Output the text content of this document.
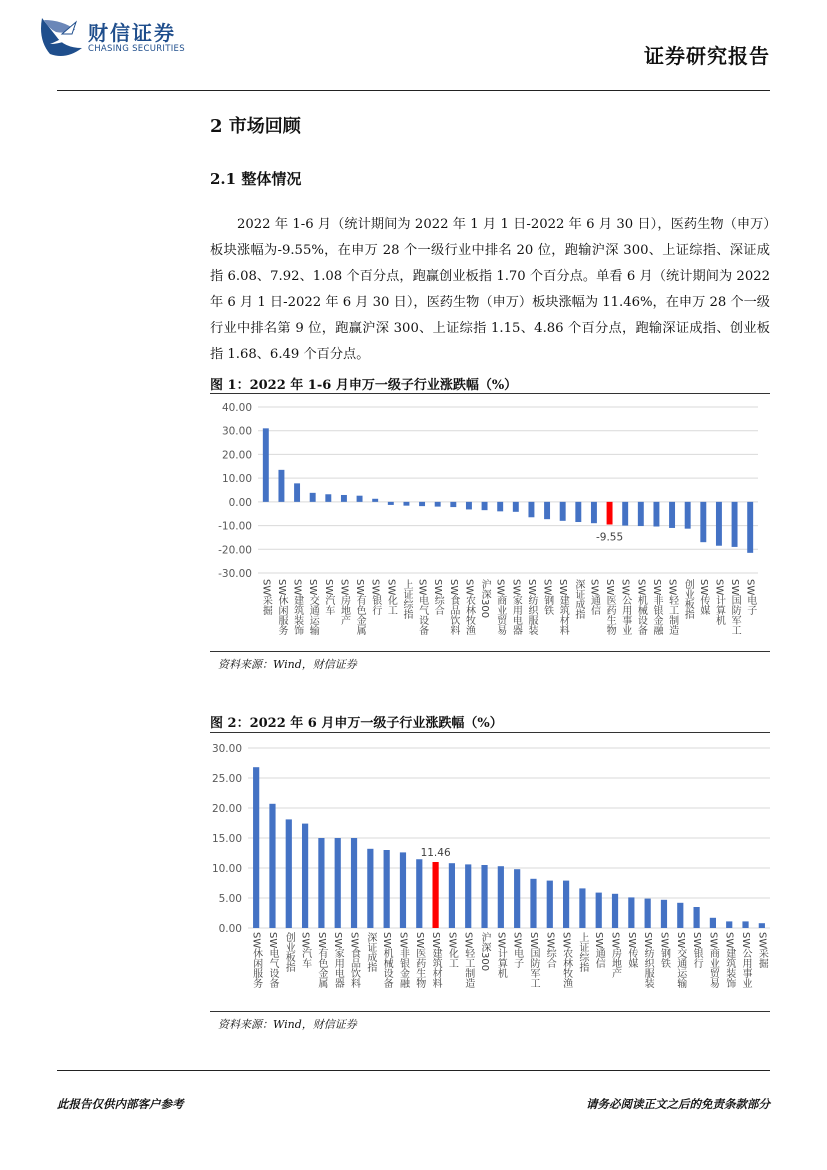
财信证券
CHASING SECURITIES	证券研究报告
2 市场回顾
2.1 整体情况

2022 年 1-6 月（统计期间为 2022 年 1 月 1 日-2022 年 6 月 30 日），医药生物（申万）板块涨幅为-9.55%，在申万 28 个一级行业中排名 20 位，跑输沪深 300、上证综指、深证成指 6.08、7.92、1.08 个百分点，跑赢创业板指 1.70 个百分点。单看 6 月（统计期间为 2022 年 6 月 1 日-2022 年 6 月 30 日），医药生物（申万）板块涨幅为 11.46%，在申万 28 个一级行业中排名第 9 位，跑赢沪深 300、上证综指 1.15、4.86 个百分点，跑输深证成指、创业板指 1.68、6.49 个百分点。

图 1：2022 年 1-6 月申万一级子行业涨跌幅（%）
40.00
30.00
20.00
10.00
0.00
-10.00
-20.00
-30.00
SW采掘 SW休闲服务 SW建筑装饰 SW交通运输 SW汽车 SW房地产 SW有色金属 SW银行 SW化工 上证综指 SW电气设备 SW综合 SW食品饮料 SW农林牧渔 沪深300 SW商业贸易 SW家用电器 SW纺织服装 SW钢铁 SW建筑材料 深证成指 SW通信 SW医药生物 SW公用事业 SW机械设备 SW非银金融 SW轻工制造 创业板指 SW传媒 SW计算机 SW国防军工 SW电子
-9.55
资料来源：Wind，财信证券
图 2：2022 年 6 月申万一级子行业涨跌幅（%）
30.00
25.00
20.00
15.00
10.00
5.00
0.00
SW休闲服务 SW电气设备 创业板指 SW汽车 SW有色金属 SW家用电器 SW食品饮料 深证成指 SW机械设备 SW非银金融 SW医药生物 SW建筑材料 SW化工 SW轻工制造 沪深300 SW计算机 SW电子 SW国防军工 SW综合 SW农林牧渔 上证综指 SW通信 SW房地产 SW传媒 SW纺织服装 SW钢铁 SW交通运输 SW银行 SW商业贸易 SW建筑装饰 SW公用事业 SW采掘
11.46
资料来源：Wind，财信证券
此报告仅供内部客户参考	请务必阅读正文之后的免责条款部分
